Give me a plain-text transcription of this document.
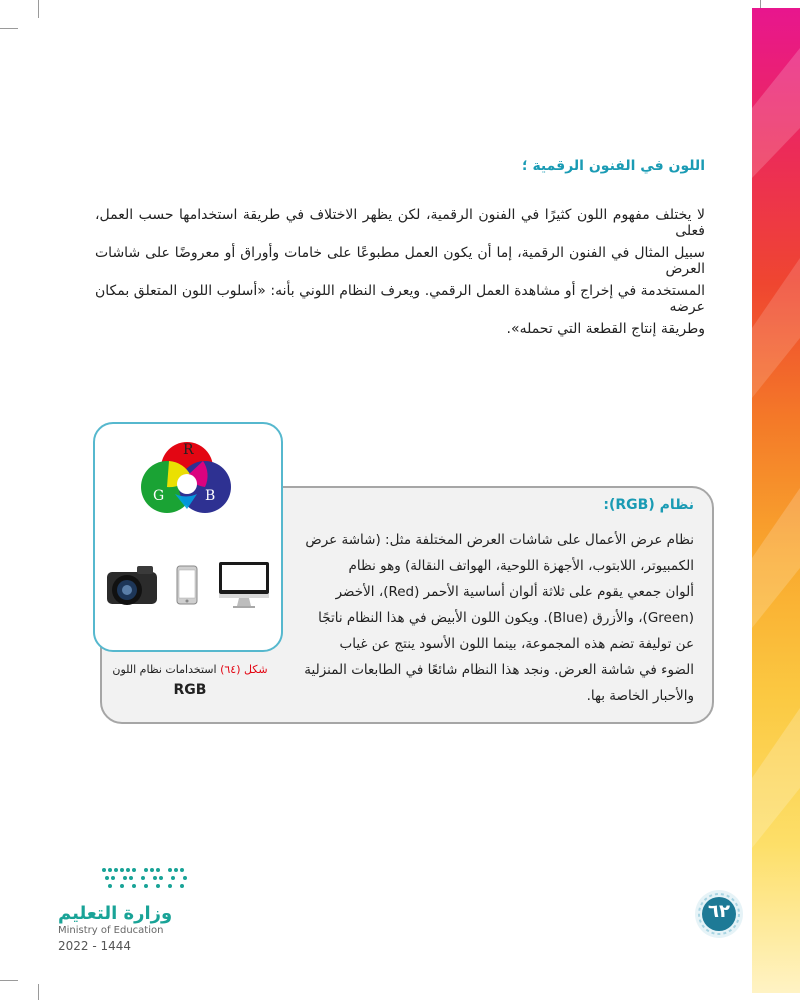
اللون في الفنون الرقمية ؛
لا يختلف مفهوم اللون كثيرًا في الفنون الرقمية، لكن يظهر الاختلاف في طريقة استخدامها حسب العمل، فعلى
سبيل المثال في الفنون الرقمية، إما أن يكون العمل مطبوعًا على خامات وأوراق أو معروضًا على شاشات العرض
المستخدمة في إخراج أو مشاهدة العمل الرقمي. ويعرف النظام اللوني بأنه: «أسلوب اللون المتعلق بمكان عرضه
وطريقة إنتاج القطعة التي تحمله».
نظام (RGB):
نظام عرض الأعمال على شاشات العرض المختلفة مثل: (شاشة عرض
الكمبيوتر، اللابتوب، الأجهزة اللوحية، الهواتف النقالة) وهو نظام
ألوان جمعي يقوم على ثلاثة ألوان أساسية الأحمر (Red)، الأخضر
(Green)، والأزرق (Blue). ويكون اللون الأبيض في هذا النظام ناتجًا
عن توليفة تضم هذه المجموعة، بينما اللون الأسود ينتج عن غياب
الضوء في شاشة العرض. ونجد هذا النظام شائعًا في الطابعات المنزلية
والأحبار الخاصة بها.
R
G	B
شكل (٦٤) استخدامات نظام اللون
RGB
وزارة التعليم
Ministry of Education
2022 - 1444
٦٢
